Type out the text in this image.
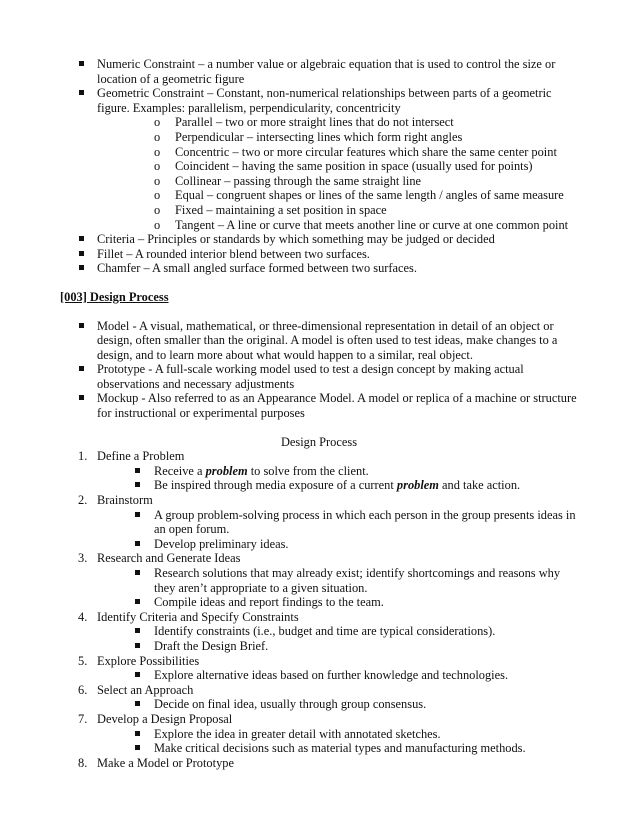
Numeric Constraint – a number value or algebraic equation that is used to control the size or location of a geometric figure
Geometric Constraint – Constant, non-numerical relationships between parts of a geometric figure. Examples: parallelism, perpendicularity, concentricity
o Parallel – two or more straight lines that do not intersect
o Perpendicular – intersecting lines which form right angles
o Concentric – two or more circular features which share the same center point
o Coincident – having the same position in space (usually used for points)
o Collinear – passing through the same straight line
o Equal – congruent shapes or lines of the same length / angles of same measure
o Fixed – maintaining a set position in space
o Tangent – A line or curve that meets another line or curve at one common point
Criteria – Principles or standards by which something may be judged or decided
Fillet – A rounded interior blend between two surfaces.
Chamfer – A small angled surface formed between two surfaces.
[003] Design Process
Model - A visual, mathematical, or three-dimensional representation in detail of an object or design, often smaller than the original. A model is often used to test ideas, make changes to a design, and to learn more about what would happen to a similar, real object.
Prototype - A full-scale working model used to test a design concept by making actual observations and necessary adjustments
Mockup - Also referred to as an Appearance Model. A model or replica of a machine or structure for instructional or experimental purposes
Design Process
1. Define a Problem
Receive a problem to solve from the client.
Be inspired through media exposure of a current problem and take action.
2. Brainstorm
A group problem-solving process in which each person in the group presents ideas in an open forum.
Develop preliminary ideas.
3. Research and Generate Ideas
Research solutions that may already exist; identify shortcomings and reasons why they aren’t appropriate to a given situation.
Compile ideas and report findings to the team.
4. Identify Criteria and Specify Constraints
Identify constraints (i.e., budget and time are typical considerations).
Draft the Design Brief.
5. Explore Possibilities
Explore alternative ideas based on further knowledge and technologies.
6. Select an Approach
Decide on final idea, usually through group consensus.
7. Develop a Design Proposal
Explore the idea in greater detail with annotated sketches.
Make critical decisions such as material types and manufacturing methods.
8. Make a Model or Prototype
